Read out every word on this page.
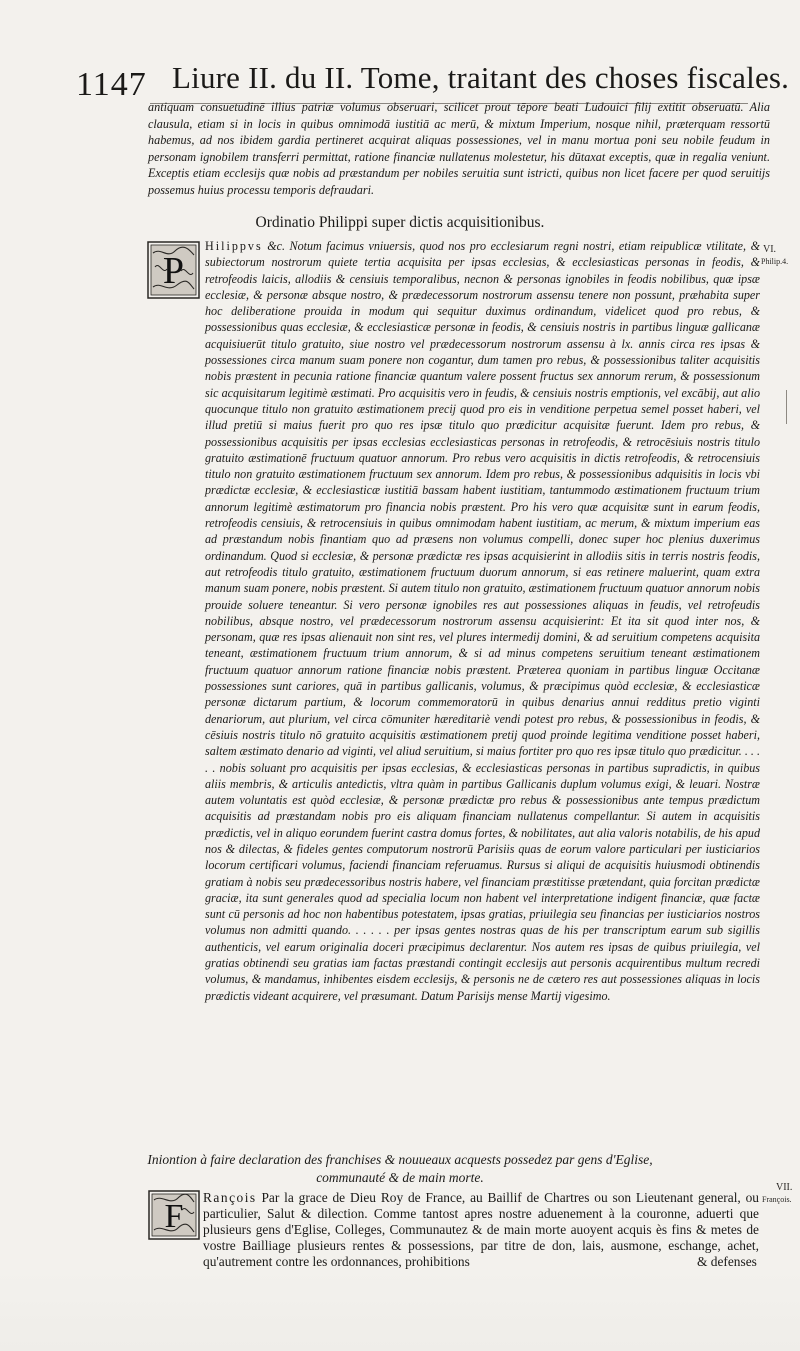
1147 Liure II. du II. Tome, traitant des choses fiscales.
antiquam consuetudinē illius patriæ volumus obseruari, scilicet prout tēpore beati Ludouici filij extitit obseruatū. Alia clausula, etiam si in locis in quibus omnimodā iustitiā ac merū, & mixtum Imperium, nosque nihil, præterquam ressortū habemus, ad nos ibidem gardia pertineret acquirat aliquas possessiones, vel in manu mortua poni seu nobile feudum in personam ignobilem transferri permittat, ratione financiæ nullatenus molestetur, his dūtaxat exceptis, quæ in regalia veniunt. Exceptis etiam ecclesijs quæ nobis ad præstandum per nobiles seruitia sunt istricti, quibus non licet facere per quod seruitijs possemus huius processu temporis defraudari.
Ordinatio Philippi super dictis acquisitionibus.
VI.
Philip.4.
P
Hilippvs &c. Notum facimus vniuersis, quod nos pro ecclesiarum regni nostri, etiam reipublicæ vtilitate, & subiectorum nostrorum quiete tertia acquisita per ipsas ecclesias, & ecclesiasticas personas in feodis, & retrofeodis laicis, allodiis & censiuis temporalibus, necnon & personas ignobiles in feodis nobilibus, quæ ipsæ ecclesiæ, & personæ absque nostro, & prædecessorum nostrorum assensu tenere non possunt, præhabita super hoc deliberatione prouida in modum qui sequitur duximus ordinandum, videlicet quod pro rebus, & possessionibus quas ecclesiæ, & ecclesiasticæ personæ in feodis, & censiuis nostris in partibus linguæ gallicanæ acquisiuerūt titulo gratuito, siue nostro vel prædecessorum nostrorum assensu à lx. annis circa res ipsas & possessiones circa manum suam ponere non cogantur, dum tamen pro rebus, & possessionibus taliter acquisitis nobis præstent in pecunia ratione financiæ quantum valere possent fructus sex annorum rerum, & possessionum sic acquisitarum legitimè æstimati. Pro acquisitis vero in feudis, & censiuis nostris emptionis, vel excābij, aut alio quocunque titulo non gratuito æstimationem precij quod pro eis in venditione perpetua semel posset haberi, vel illud pretiū si maius fuerit pro quo res ipsæ titulo quo prædicitur acquisitæ fuerunt. Idem pro rebus, & possessionibus acquisitis per ipsas ecclesias ecclesiasticas personas in retrofeodis, & retrocēsiuis nostris titulo gratuito æstimationē fructuum quatuor annorum. Pro rebus vero acquisitis in dictis retrofeodis, & retrocensiuis titulo non gratuito æstimationem fructuum sex annorum. Idem pro rebus, & possessionibus adquisitis in locis vbi prædictæ ecclesiæ, & ecclesiasticæ iustitiā bassam habent iustitiam, tantummodo æstimationem fructuum trium annorum legitimè æstimatorum pro financia nobis præstent. Pro his vero quæ acquisitæ sunt in earum feodis, retrofeodis censiuis, & retrocensiuis in quibus omnimodam habent iustitiam, ac merum, & mixtum imperium eas ad præstandum nobis finantiam quo ad præsens non volumus compelli, donec super hoc plenius duxerimus ordinandum. Quod si ecclesiæ, & personæ prædictæ res ipsas acquisierint in allodiis sitis in terris nostris feodis, aut retrofeodis titulo gratuito, æstimationem fructuum duorum annorum, si eas retinere maluerint, quam extra manum suam ponere, nobis præstent. Si autem titulo non gratuito, æstimationem fructuum quatuor annorum nobis prouide soluere teneantur. Si vero personæ ignobiles res aut possessiones aliquas in feudis, vel retrofeudis nobilibus, absque nostro, vel prædecessorum nostrorum assensu acquisierint: Et ita sit quod inter nos, & personam, quæ res ipsas alienauit non sint res, vel plures intermedij domini, & ad seruitium competens acquisita teneant, æstimationem fructuum trium annorum, & si ad minus competens seruitium teneant æstimationem fructuum quatuor annorum ratione financiæ nobis præstent. Præterea quoniam in partibus linguæ Occitanæ possessiones sunt cariores, quā in partibus gallicanis, volumus, & præcipimus quòd ecclesiæ, & ecclesiasticæ personæ dictarum partium, & locorum commemoratorū in quibus denarius annui redditus pretio viginti denariorum, aut plurium, vel circa cōmuniter hæreditariè vendi potest pro rebus, & possessionibus in feodis, & cēsiuis nostris titulo nō gratuito acquisitis æstimationem pretij quod proinde legitima venditione posset haberi, saltem æstimato denario ad viginti, vel aliud seruitium, si maius fortiter pro quo res ipsæ titulo quo prædicitur. . . . . . nobis soluant pro acquisitis per ipsas ecclesias, & ecclesiasticas personas in partibus supradictis, in quibus aliis membris, & articulis antedictis, vltra quàm in partibus Gallicanis duplum volumus exigi, & leuari. Nostræ autem voluntatis est quòd ecclesiæ, & personæ prædictæ pro rebus & possessionibus ante tempus prædictum acquisitis ad præstandam nobis pro eis aliquam financiam nullatenus compellantur. Si autem in acquisitis prædictis, vel in aliquo eorundem fuerint castra domus fortes, & nobilitates, aut alia valoris notabilis, de his apud nos & dilectas, & fideles gentes computorum nostrorū Parisiis quas de eorum valore particulari per iusticiarios locorum certificari volumus, faciendi financiam referuamus. Rursus si aliqui de acquisitis huiusmodi obtinendis gratiam à nobis seu prædecessoribus nostris habere, vel financiam præstitisse prætendant, quia forcitan prædictæ graciæ, ita sunt generales quod ad specialia locum non habent vel interpretatione indigent financiæ, quæ factæ sunt cū personis ad hoc non habentibus potestatem, ipsas gratias, priuilegia seu financias per iusticiarios nostros volumus non admitti quando. . . . . . per ipsas gentes nostras quas de his per transcriptum earum sub sigillis authenticis, vel earum originalia doceri præcipimus declarentur. Nos autem res ipsas de quibus priuilegia, vel gratias obtinendi seu gratias iam factas præstandi contingit ecclesijs aut personis acquirentibus multum recredi volumus, & mandamus, inhibentes eisdem ecclesijs, & personis ne de cætero res aut possessiones aliquas in locis prædictis videant acquirere, vel præsumant. Datum Parisijs mense Martij vigesimo.
Iniontion à faire declaration des franchises & nouueaux acquests possedez par gens d'Eglise,
communauté & de main morte.
VII.
François.
F
Rançois Par la grace de Dieu Roy de France, au Baillif de Chartres ou son Lieutenant general, ou particulier, Salut & dilection. Comme tantost apres nostre aduenement à la couronne, aduerti que plusieurs gens d'Eglise, Colleges, Communautez & de main morte auoyent acquis ès fins & metes de vostre Bailliage plusieurs rentes & possessions, par titre de don, lais, ausmone, eschange, achet, qu'autrement contre les ordonnances, prohibitions	& defenses
